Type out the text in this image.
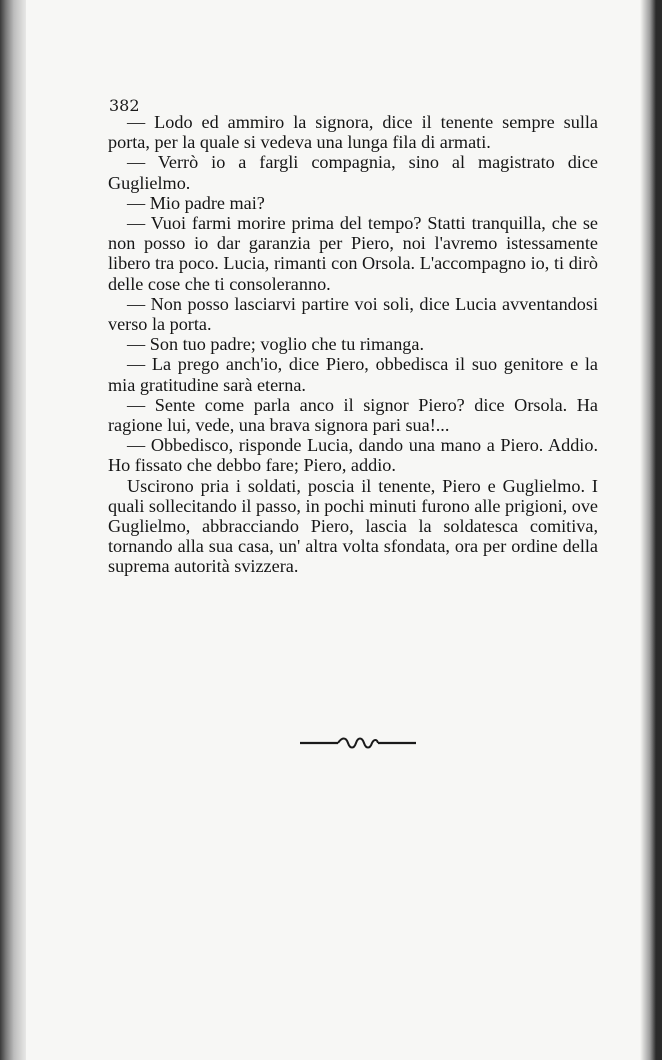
382

— Lodo ed ammiro la signora, dice il tenente sempre sulla porta, per la quale si vedeva una lunga fila di armati.

— Verrò io a fargli compagnia, sino al magistrato dice Guglielmo.

— Mio padre mai?

— Vuoi farmi morire prima del tempo? Statti tranquilla, che se non posso io dar garanzia per Piero, noi l'avremo istessamente libero tra poco. Lucia, rimanti con Orsola. L'accompagno io, ti dirò delle cose che ti consoleranno.

— Non posso lasciarvi partire voi soli, dice Lucia avventandosi verso la porta.

— Son tuo padre; voglio che tu rimanga.

— La prego anch'io, dice Piero, obbedisca il suo genitore e la mia gratitudine sarà eterna.

— Sente come parla anco il signor Piero? dice Orsola. Ha ragione lui, vede, una brava signora pari sua!...

— Obbedisco, risponde Lucia, dando una mano a Piero. Addio. Ho fissato che debbo fare; Piero, addio.

Uscirono pria i soldati, poscia il tenente, Piero e Guglielmo. I quali sollecitando il passo, in pochi minuti furono alle prigioni, ove Guglielmo, abbracciando Piero, lascia la soldatesca comitiva, tornando alla sua casa, un' altra volta sfondata, ora per ordine della suprema autorità svizzera.
